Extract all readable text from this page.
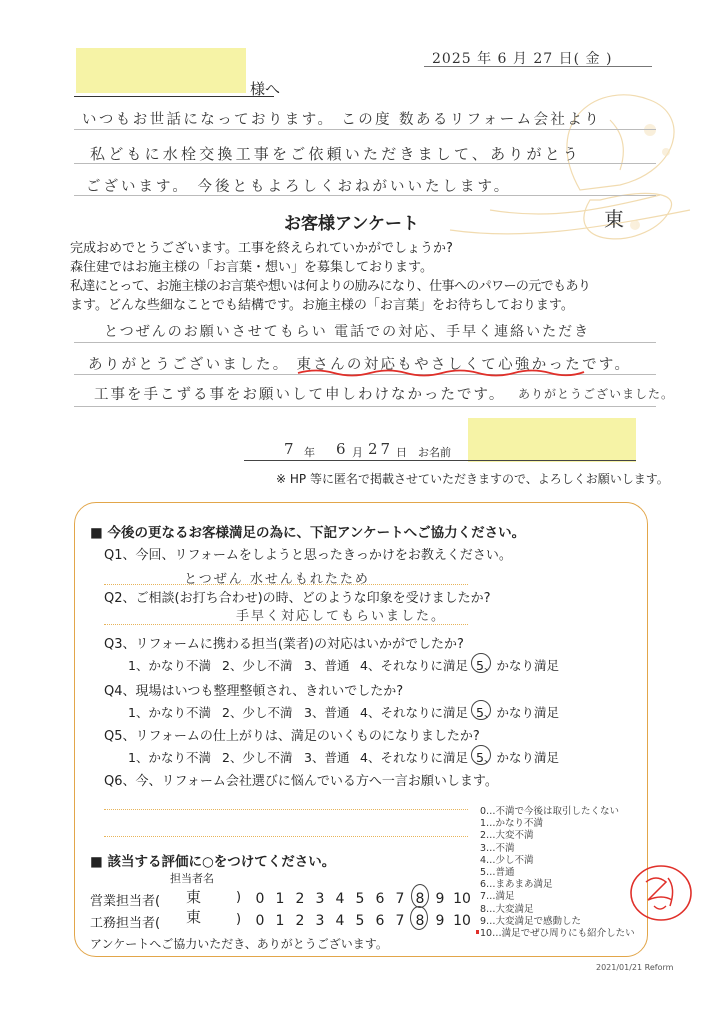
様へ
2025 年 6 月 27 日( 金 )
いつもお世話になっております。 この度 数あるリフォーム会社より
私どもに水栓交換工事をご依頼いただきまして、ありがとう
ございます。 今後ともよろしくおねがいいたします。
東
お客様アンケート
完成おめでとうございます。工事を終えられていかがでしょうか?
森住建ではお施主様の「お言葉・想い」を募集しております。
私達にとって、お施主様のお言葉や想いは何よりの励みになり、仕事へのパワーの元でもあり
ます。どんな些細なことでも結構です。お施主様の「お言葉」をお待ちしております。
とつぜんのお願いさせてもらい 電話での対応、手早く連絡いただき
ありがとうございました。 東さんの対応もやさしくて心強かったです。
工事を手こずる事をお願いして申しわけなかったです。 ありがとうございました。
7 年 6 月 27 日 お名前
※ HP 等に匿名で掲載させていただきますので、よろしくお願いします。
■ 今後の更なるお客様満足の為に、下記アンケートへご協力ください。
Q1、今回、リフォームをしようと思ったきっかけをお教えください。
とつぜん 水せんもれたため
Q2、ご相談(お打ち合わせ)の時、どのような印象を受けましたか?
手早く対応してもらいました。
Q3、リフォームに携わる担当(業者)の対応はいかがでしたか?
1、かなり不満 2、少し不満 3、普通 4、それなりに満足 5、かなり満足
Q4、現場はいつも整理整頓され、きれいでしたか?
1、かなり不満 2、少し不満 3、普通 4、それなりに満足 5、かなり満足
Q5、リフォームの仕上がりは、満足のいくものになりましたか?
1、かなり不満 2、少し不満 3、普通 4、それなりに満足 5、かなり満足
Q6、今、リフォーム会社選びに悩んでいる方へ一言お願いします。
0…不満で今後は取引したくない
1…かなり不満
2…大変不満
3…不満
4…少し不満
5…普通
6…まあまあ満足
7…満足
8…大変満足
9…大変満足で感動した
10…満足でぜひ周りにも紹介したい
■ 該当する評価に○をつけてください。
担当者名
営業担当者( 東 )	0 1 2 3 4 5 6 7 8 9 10
工務担当者( 東 )	0 1 2 3 4 5 6 7 8 9 10
アンケートへご協力いただき、ありがとうございます。
2021/01/21 Reform
